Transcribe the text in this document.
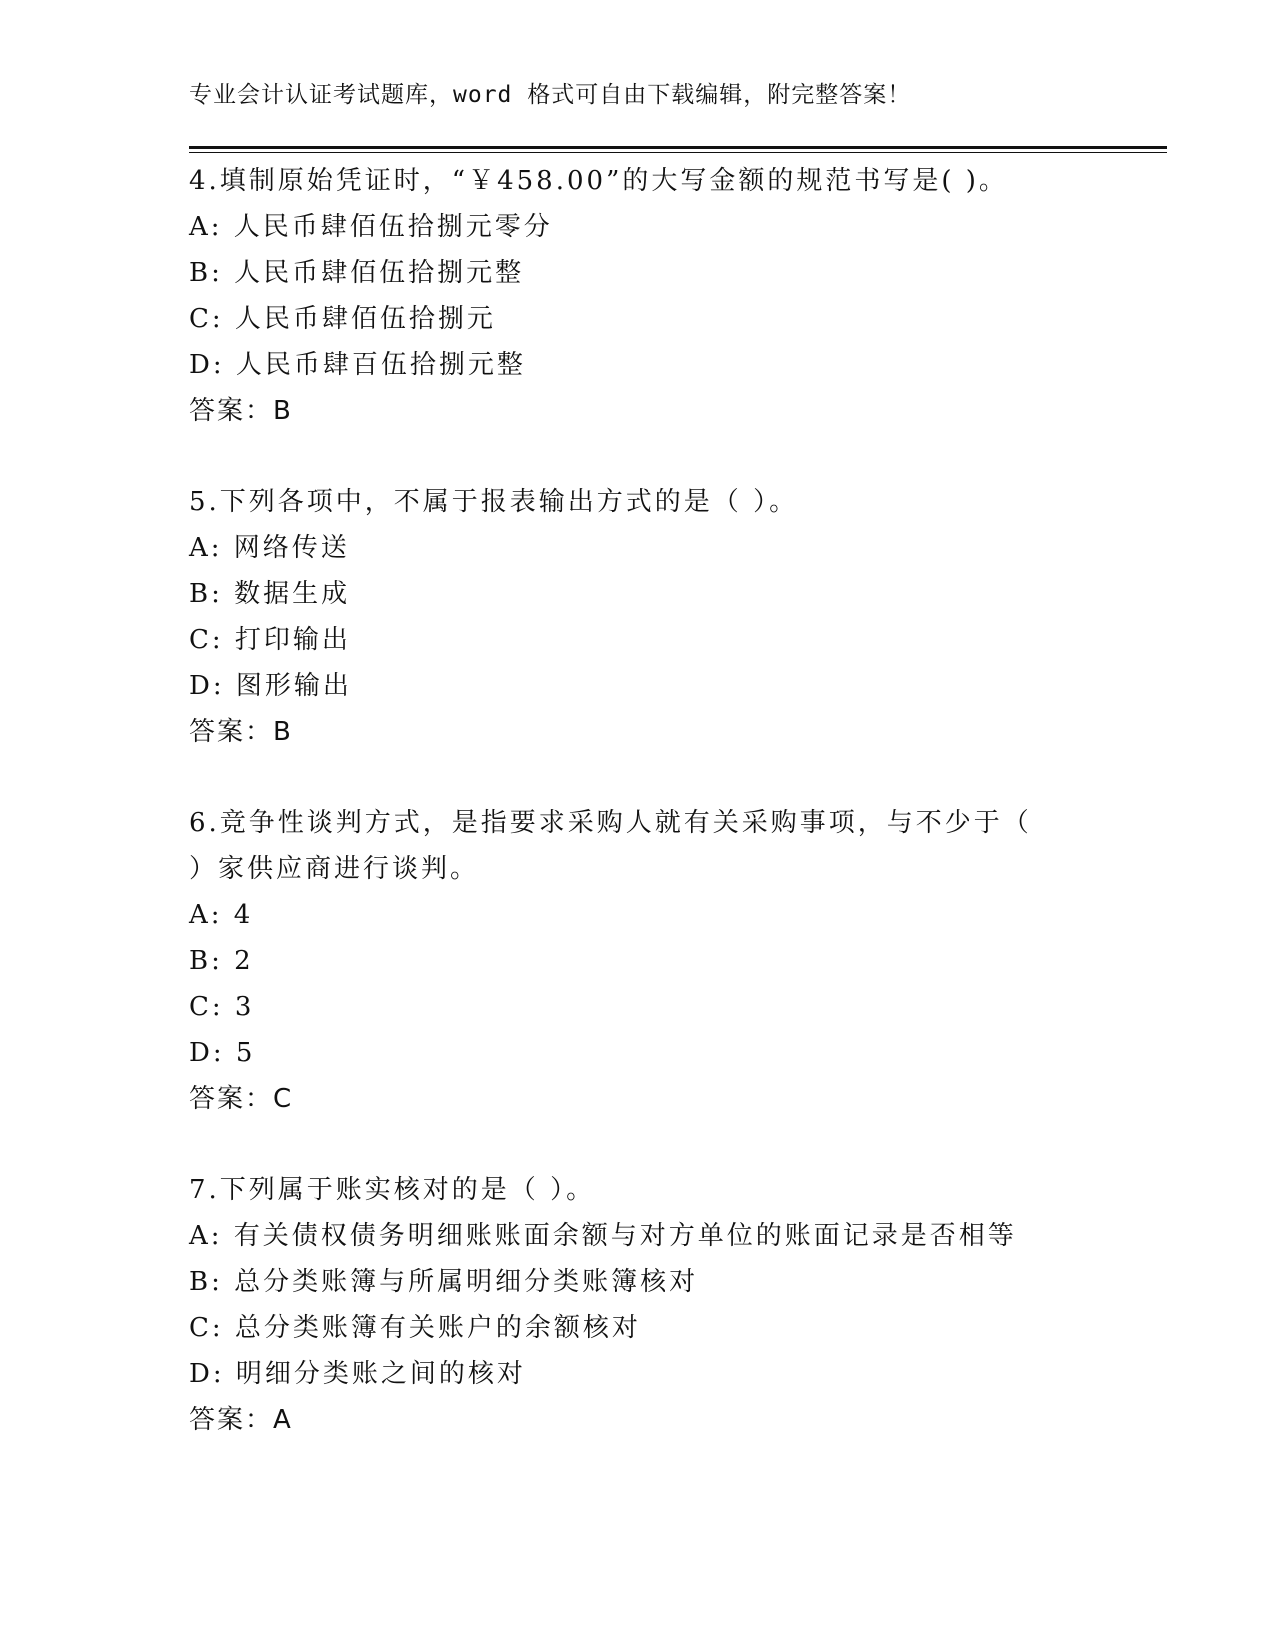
专业会计认证考试题库，word 格式可自由下载编辑，附完整答案！
4.填制原始凭证时，“￥458.00”的大写金额的规范书写是( )。
A: 人民币肆佰伍拾捌元零分
B: 人民币肆佰伍拾捌元整
C: 人民币肆佰伍拾捌元
D: 人民币肆百伍拾捌元整
答案：B
5.下列各项中，不属于报表输出方式的是（ ）。
A: 网络传送
B: 数据生成
C: 打印输出
D: 图形输出
答案：B
6.竞争性谈判方式，是指要求采购人就有关采购事项，与不少于（
）家供应商进行谈判。
A: 4
B: 2
C: 3
D: 5
答案：C
7.下列属于账实核对的是（ ）。
A: 有关债权债务明细账账面余额与对方单位的账面记录是否相等
B: 总分类账簿与所属明细分类账簿核对
C: 总分类账簿有关账户的余额核对
D: 明细分类账之间的核对
答案：A
